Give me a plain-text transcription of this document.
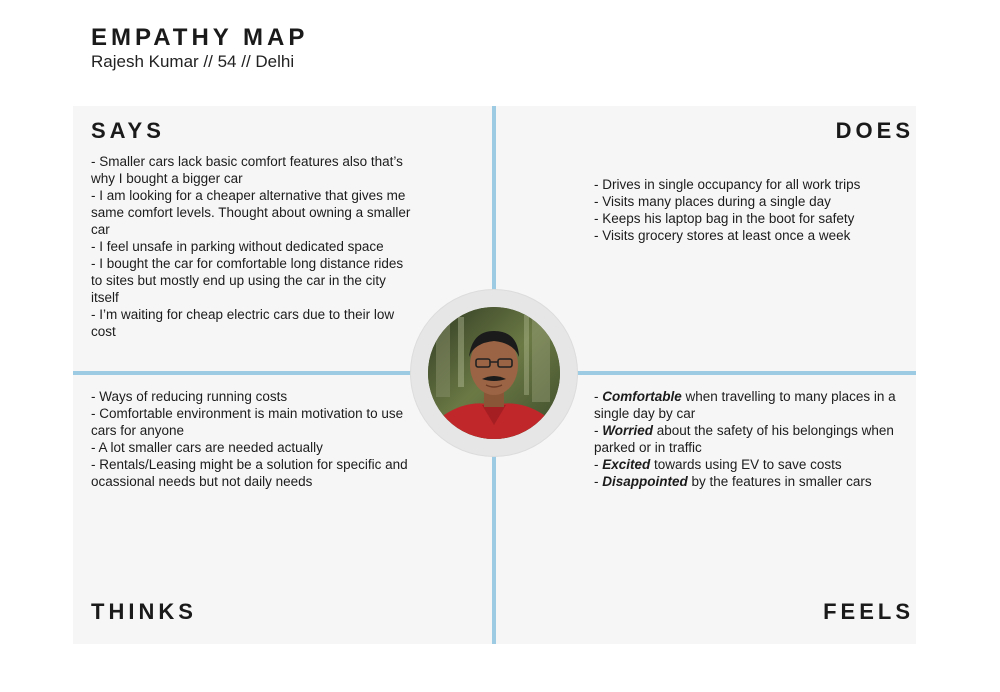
EMPATHY MAP

Rajesh Kumar // 54 // Delhi

SAYS	DOES
THINKS	FEELS
- Smaller cars lack basic comfort features also that’s why I bought a bigger car
- I am looking for a cheaper alternative that gives me same comfort levels. Thought about owning a smaller car
- I feel unsafe in parking without dedicated space
- I bought the car for comfortable long distance rides to sites but mostly end up using the car in the city itself
- I’m waiting for cheap electric cars due to their low cost
- Drives in single occupancy for all work trips
- Visits many places during a single day
- Keeps his laptop bag in the boot for safety
- Visits grocery stores at least once a week
- Ways of reducing running costs
- Comfortable environment is main motivation to use cars for anyone
- A lot smaller cars are needed actually
- Rentals/Leasing might be a solution for specific and ocassional needs but not daily needs
- Comfortable when travelling to many places in a single day by car
- Worried about the safety of his belongings when parked or in traffic
- Excited towards using EV to save costs
- Disappointed by the features in smaller cars
